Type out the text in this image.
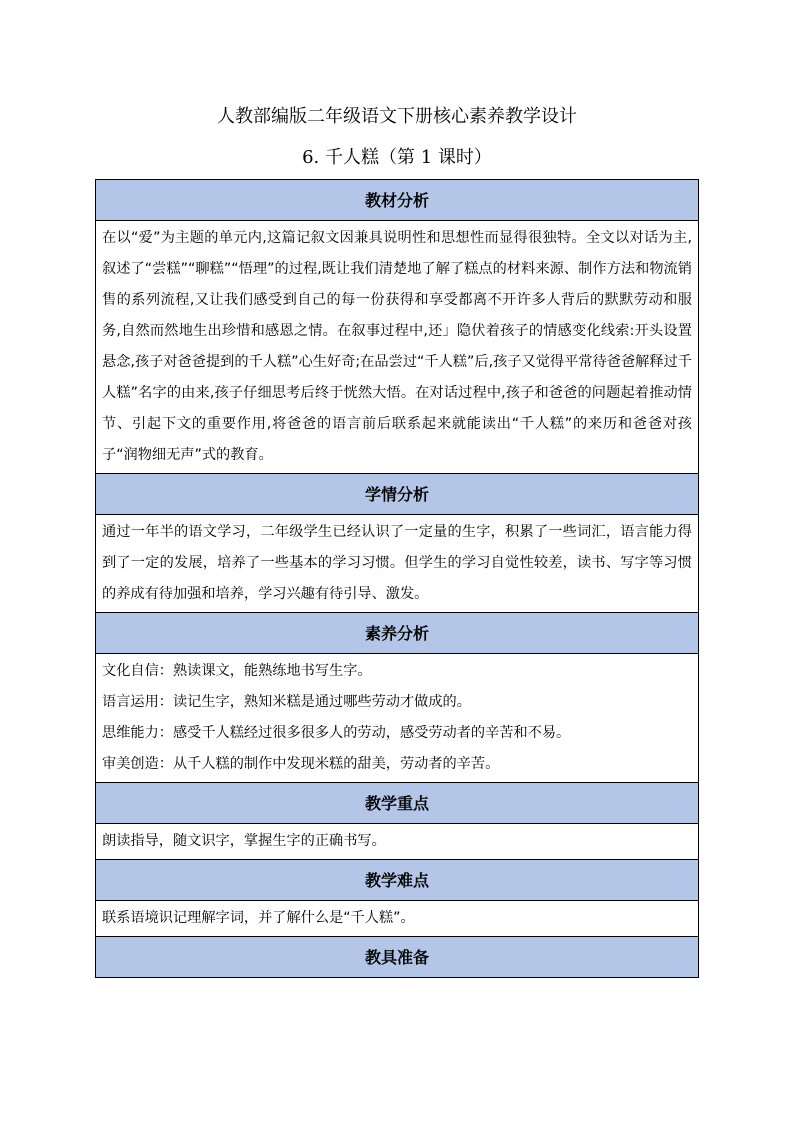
人教部编版二年级语文下册核心素养教学设计
6. 千人糕（第 1 课时）
教材分析
在以“爱”为主题的单元内,这篇记叙文因兼具说明性和思想性而显得很独特。全文以对话为主,叙述了“尝糕”“聊糕”“悟理”的过程,既让我们清楚地了解了糕点的材料来源、制作方法和物流销售的系列流程,又让我们感受到自己的每一份获得和享受都离不开许多人背后的默默劳动和服务,自然而然地生出珍惜和感恩之情。在叙事过程中,还」隐伏着孩子的情感变化线索:开头设置悬念,孩子对爸爸提到的千人糕”心生好奇;在品尝过“千人糕”后,孩子又觉得平常待爸爸解释过千人糕”名字的由来,孩子仔细思考后终于恍然大悟。在对话过程中,孩子和爸爸的问题起着推动情节、引起下文的重要作用,将爸爸的语言前后联系起来就能读出“千人糕”的来历和爸爸对孩子“润物细无声”式的教育。
学情分析
通过一年半的语文学习，二年级学生已经认识了一定量的生字，积累了一些词汇，语言能力得到了一定的发展，培养了一些基本的学习习惯。但学生的学习自觉性较差，读书、写字等习惯的养成有待加强和培养，学习兴趣有待引导、激发。
素养分析

文化自信：熟读课文，能熟练地书写生字。

语言运用：读记生字，熟知米糕是通过哪些劳动才做成的。

思维能力：感受千人糕经过很多很多人的劳动，感受劳动者的辛苦和不易。

审美创造：从千人糕的制作中发现米糕的甜美，劳动者的辛苦。

教学重点
朗读指导，随文识字，掌握生字的正确书写。
教学难点
联系语境识记理解字词，并了解什么是“千人糕”。
教具准备
